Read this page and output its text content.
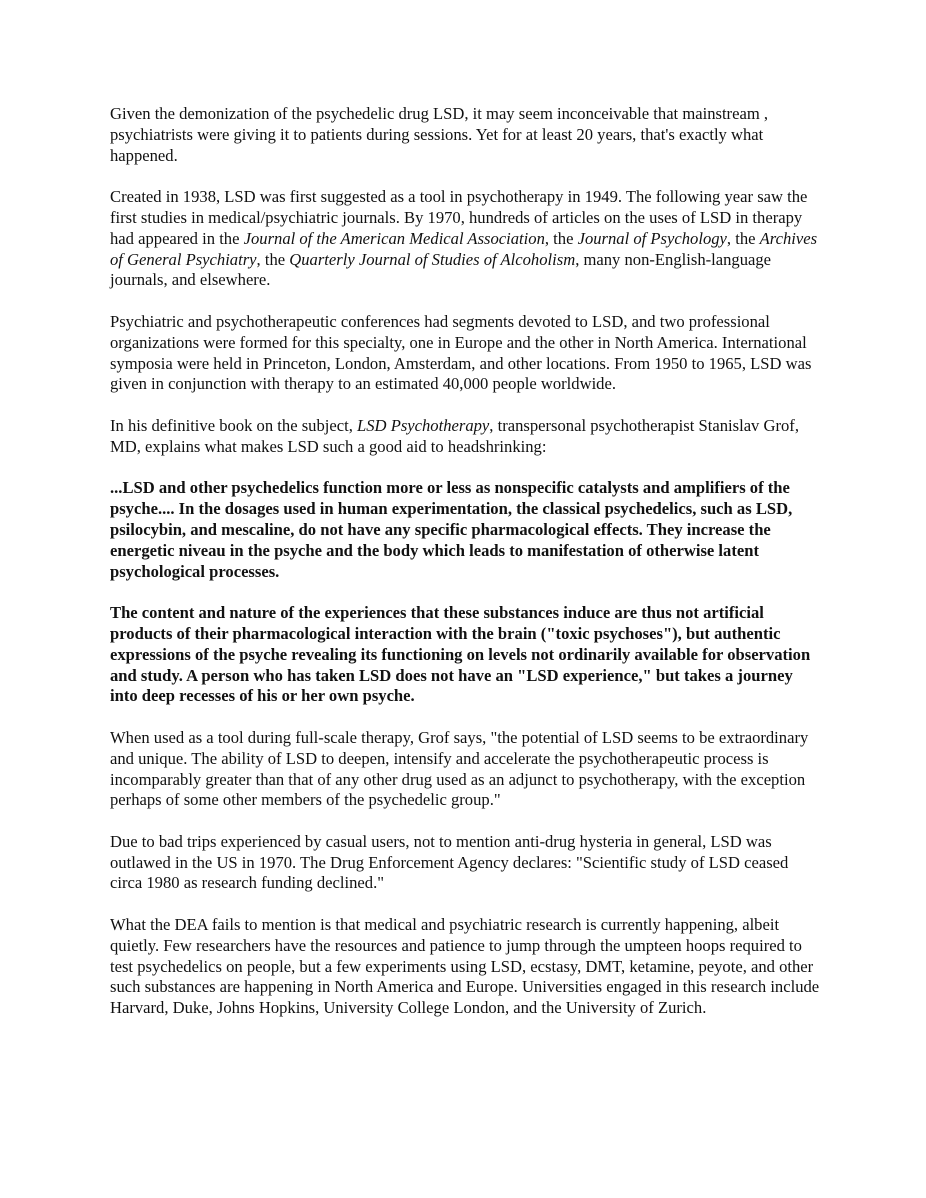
Given the demonization of the psychedelic drug LSD, it may seem inconceivable that mainstream , psychiatrists were giving it to patients during sessions. Yet for at least 20 years, that's exactly what happened.

Created in 1938, LSD was first suggested as a tool in psychotherapy in 1949. The following year saw the first studies in medical/psychiatric journals. By 1970, hundreds of articles on the uses of LSD in therapy had appeared in the Journal of the American Medical Association, the Journal of Psychology, the Archives of General Psychiatry, the Quarterly Journal of Studies of Alcoholism, many non-English-language journals, and elsewhere.

Psychiatric and psychotherapeutic conferences had segments devoted to LSD, and two professional organizations were formed for this specialty, one in Europe and the other in North America. International symposia were held in Princeton, London, Amsterdam, and other locations. From 1950 to 1965, LSD was given in conjunction with therapy to an estimated 40,000 people worldwide.

In his definitive book on the subject, LSD Psychotherapy, transpersonal psychotherapist Stanislav Grof, MD, explains what makes LSD such a good aid to headshrinking:

...LSD and other psychedelics function more or less as nonspecific catalysts and amplifiers of the psyche.... In the dosages used in human experimentation, the classical psychedelics, such as LSD, psilocybin, and mescaline, do not have any specific pharmacological effects. They increase the energetic niveau in the psyche and the body which leads to manifestation of otherwise latent psychological processes.

The content and nature of the experiences that these substances induce are thus not artificial products of their pharmacological interaction with the brain ("toxic psychoses"), but authentic expressions of the psyche revealing its functioning on levels not ordinarily available for observation and study. A person who has taken LSD does not have an "LSD experience," but takes a journey into deep recesses of his or her own psyche.

When used as a tool during full-scale therapy, Grof says, "the potential of LSD seems to be extraordinary and unique. The ability of LSD to deepen, intensify and accelerate the psychotherapeutic process is incomparably greater than that of any other drug used as an adjunct to psychotherapy, with the exception perhaps of some other members of the psychedelic group."

Due to bad trips experienced by casual users, not to mention anti-drug hysteria in general, LSD was outlawed in the US in 1970. The Drug Enforcement Agency declares: "Scientific study of LSD ceased circa 1980 as research funding declined."

What the DEA fails to mention is that medical and psychiatric research is currently happening, albeit quietly. Few researchers have the resources and patience to jump through the umpteen hoops required to test psychedelics on people, but a few experiments using LSD, ecstasy, DMT, ketamine, peyote, and other such substances are happening in North America and Europe. Universities engaged in this research include Harvard, Duke, Johns Hopkins, University College London, and the University of Zurich.
